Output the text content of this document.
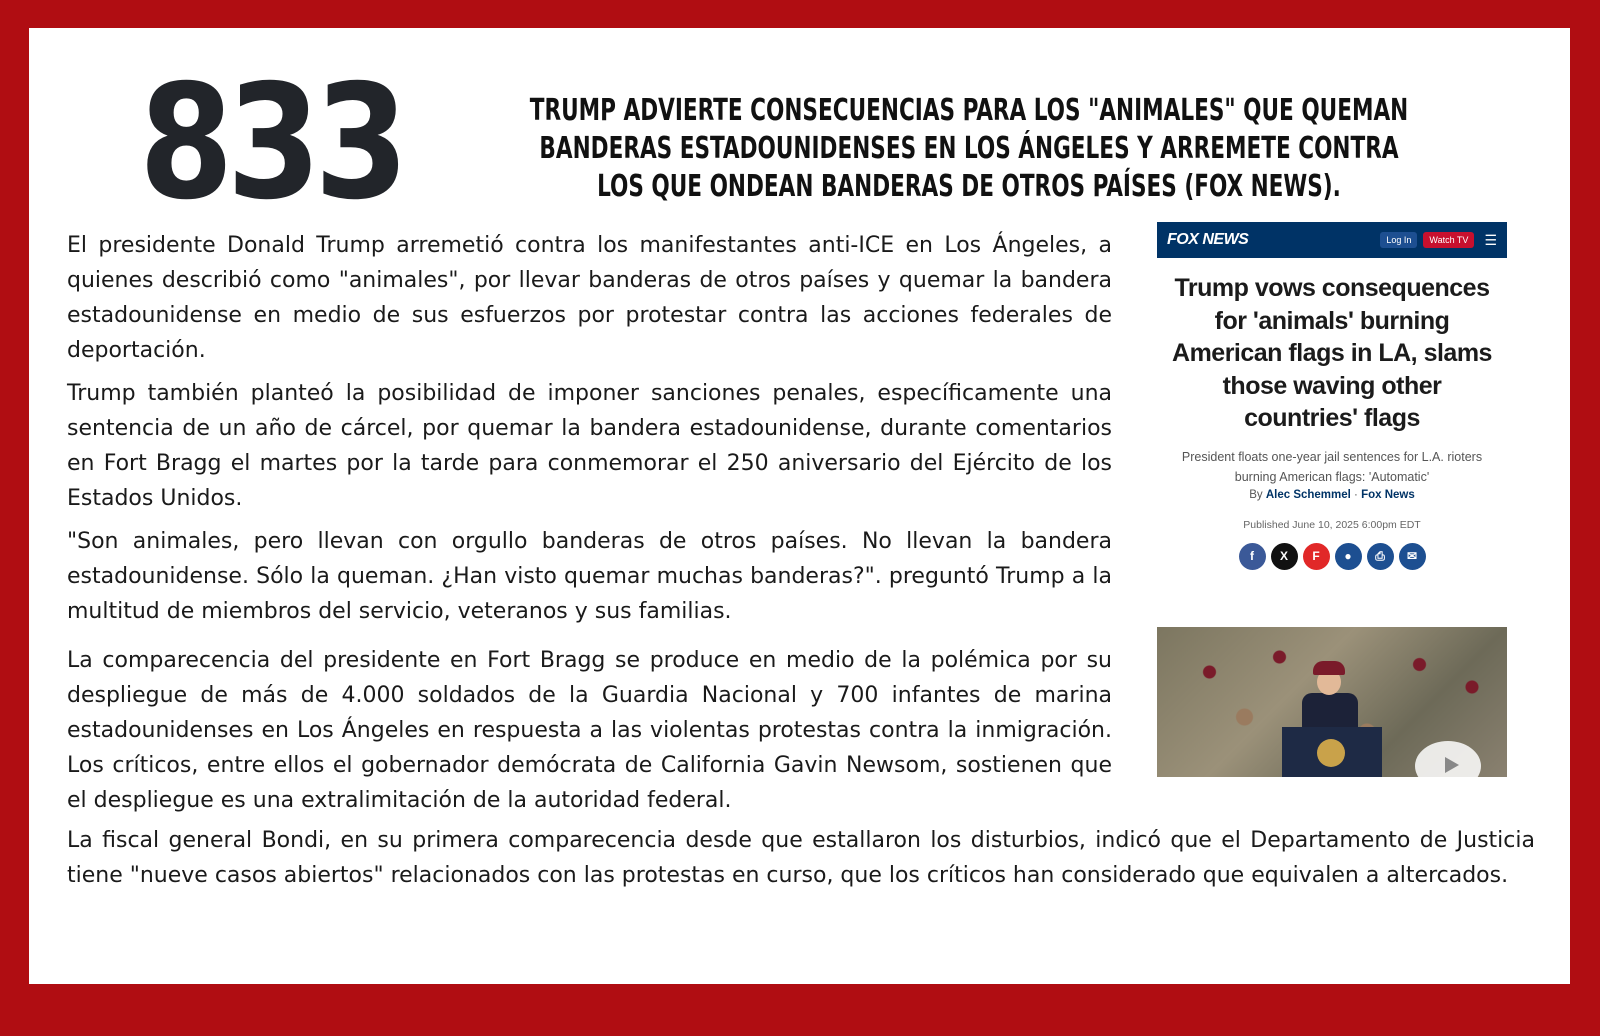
833	TRUMP ADVIERTE CONSECUENCIAS PARA LOS "ANIMALES" QUE QUEMAN BANDERAS ESTADOUNIDENSES EN LOS ÁNGELES Y ARREMETE CONTRA LOS QUE ONDEAN BANDERAS DE OTROS PAÍSES (FOX NEWS).

El presidente Donald Trump arremetió contra los manifestantes anti-ICE en Los Ángeles, a quienes describió como "animales", por llevar banderas de otros países y quemar la bandera estadounidense en medio de sus esfuerzos por protestar contra las acciones federales de deportación.

Trump también planteó la posibilidad de imponer sanciones penales, específicamente una sentencia de un año de cárcel, por quemar la bandera estadounidense, durante comentarios en Fort Bragg el martes por la tarde para conmemorar el 250 aniversario del Ejército de los Estados Unidos.

"Son animales, pero llevan con orgullo banderas de otros países. No llevan la bandera estadounidense. Sólo la queman. ¿Han visto quemar muchas banderas?". preguntó Trump a la multitud de miembros del servicio, veteranos y sus familias.

La comparecencia del presidente en Fort Bragg se produce en medio de la polémica por su despliegue de más de 4.000 soldados de la Guardia Nacional y 700 infantes de marina estadounidenses en Los Ángeles en respuesta a las violentas protestas contra la inmigración. Los críticos, entre ellos el gobernador demócrata de California Gavin Newsom, sostienen que el despliegue es una extralimitación de la autoridad federal.

La fiscal general Bondi, en su primera comparecencia desde que estallaron los disturbios, indicó que el Departamento de Justicia tiene "nueve casos abiertos" relacionados con las protestas en curso, que los críticos han considerado que equivalen a altercados.

FOX NEWS	Log In	Watch TV	☰
Trump vows consequences for 'animals' burning American flags in LA, slams those waving other countries' flags
President floats one-year jail sentences for L.A. rioters burning American flags: 'Automatic'
By Alec Schemmel · Fox News
Published June 10, 2025 6:00pm EDT
f	X	F	●	⎙	✉
